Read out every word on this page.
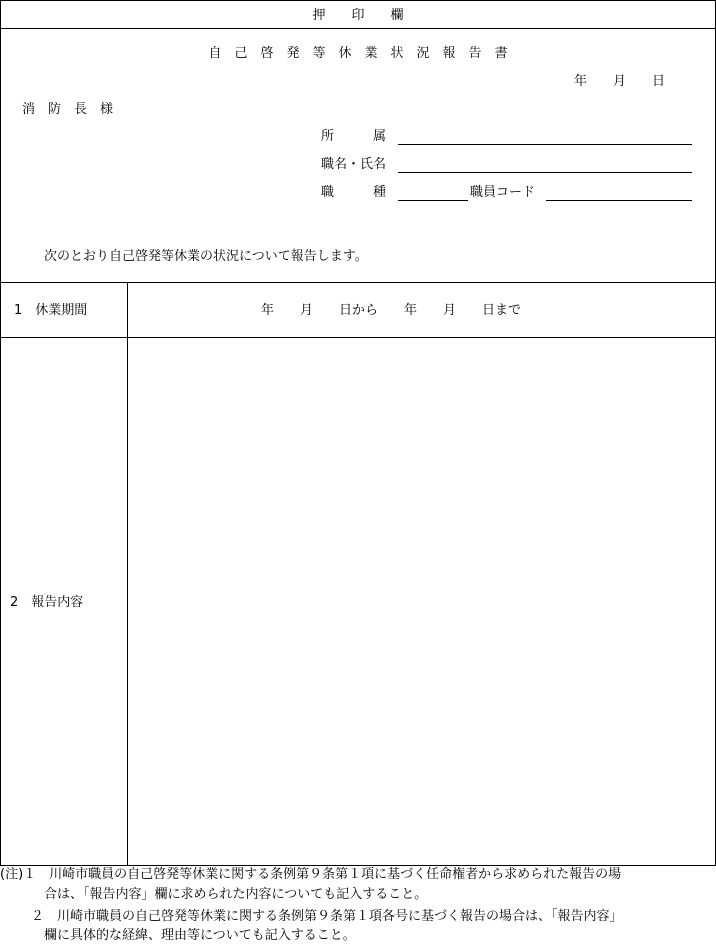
押　　印　　欄
自　己　啓　発　等　休　業　状　況　報　告　書
年　　月　　日
消　防　長　様
所　　　属
職名・氏名
職　　　種	職員コード
次のとおり自己啓発等休業の状況について報告します。
1　休業期間	年　　月　　日から　　年　　月　　日まで
2　報告内容
(注)１　川崎市職員の自己啓発等休業に関する条例第９条第１項に基づく任命権者から求められた報告の場
合は、「報告内容」欄に求められた内容についても記入すること。
２　川崎市職員の自己啓発等休業に関する条例第９条第１項各号に基づく報告の場合は、「報告内容」
欄に具体的な経緯、理由等についても記入すること。
